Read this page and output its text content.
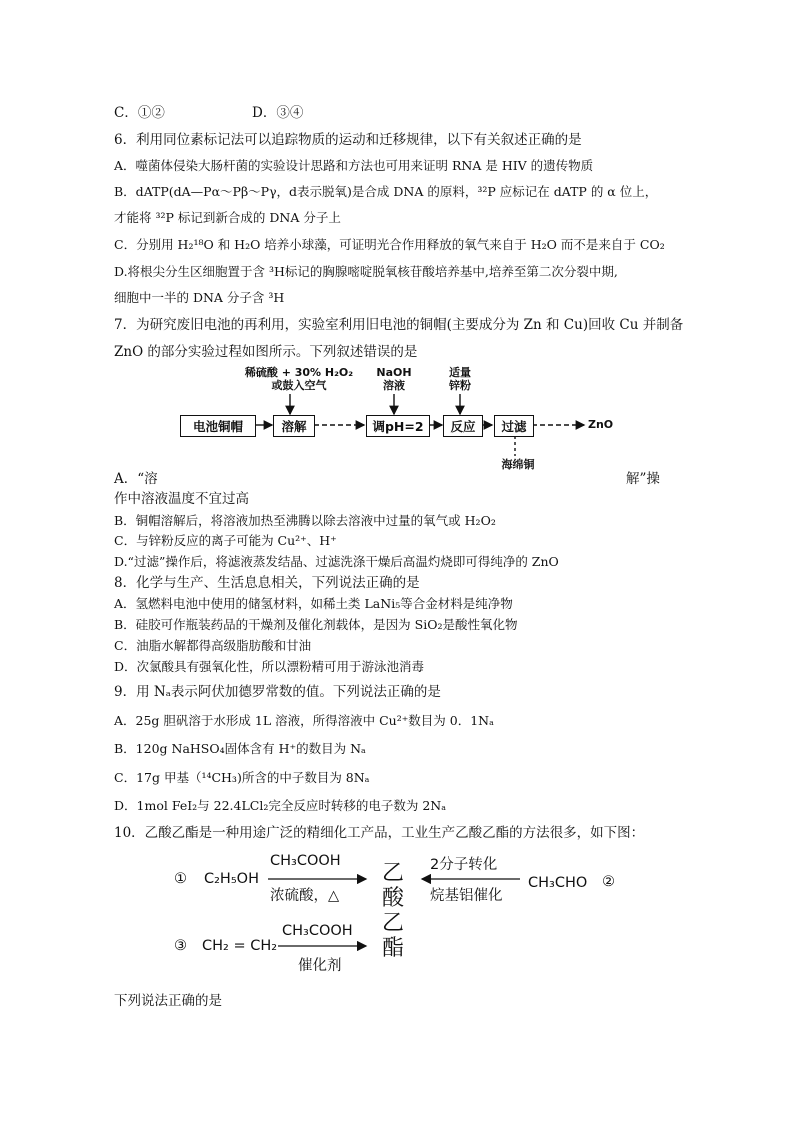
C．①②	D．③④
6．利用同位素标记法可以追踪物质的运动和迁移规律，以下有关叙述正确的是
A．噬菌体侵染大肠杆菌的实验设计思路和方法也可用来证明 RNA 是 HIV 的遗传物质
B．dATP(dA—Pα～Pβ～Pγ，d表示脱氧)是合成 DNA 的原料，³²P 应标记在 dATP 的 α 位上，
才能将 ³²P 标记到新合成的 DNA 分子上
C．分别用 H₂¹⁸O 和 H₂O 培养小球藻，可证明光合作用释放的氧气来自于 H₂O 而不是来自于 CO₂
D.将根尖分生区细胞置于含 ³H标记的胸腺嘧啶脱氧核苷酸培养基中,培养至第二次分裂中期,
细胞中一半的 DNA 分子含 ³H
7．为研究废旧电池的再利用，实验室利用旧电池的铜帽(主要成分为 Zn 和 Cu)回收 Cu 并制备
ZnO 的部分实验过程如图所示。下列叙述错误的是
稀硫酸 + 30% H₂O₂
或鼓入空气
NaOH
溶液
适量
锌粉
电池铜帽	溶解	调pH=2	反应	过滤	ZnO
海绵铜
A．“溶	解”操
作中溶液温度不宜过高
B．铜帽溶解后，将溶液加热至沸腾以除去溶液中过量的氧气或 H₂O₂
C．与锌粉反应的离子可能为 Cu²⁺、H⁺
D.“过滤”操作后，将滤液蒸发结晶、过滤洗涤干燥后高温灼烧即可得纯净的 ZnO
8．化学与生产、生活息息相关，下列说法正确的是
A．氢燃料电池中使用的储氢材料，如稀土类 LaNi₅等合金材料是纯净物
B．硅胶可作瓶装药品的干燥剂及催化剂载体，是因为 SiO₂是酸性氧化物
C．油脂水解都得高级脂肪酸和甘油
D．次氯酸具有强氧化性，所以漂粉精可用于游泳池消毒
9．用 Nₐ表示阿伏加德罗常数的值。下列说法正确的是
A．25g 胆矾溶于水形成 1L 溶液，所得溶液中 Cu²⁺数目为 0．1Nₐ
B．120g NaHSO₄固体含有 H⁺的数目为 Nₐ
C．17g 甲基（¹⁴CH₃)所含的中子数目为 8Nₐ
D．1mol FeI₂与 22.4LCl₂完全反应时转移的电子数为 2Nₐ
10．乙酸乙酯是一种用途广泛的精细化工产品，工业生产乙酸乙酯的方法很多，如下图：
① C₂H₅OH
CH₃COOH
浓硫酸，△
2分子转化
烷基铝催化
CH₃CHO ②
③ CH₂ = CH₂
CH₃COOH
催化剂
乙
酸
乙
酯
下列说法正确的是
